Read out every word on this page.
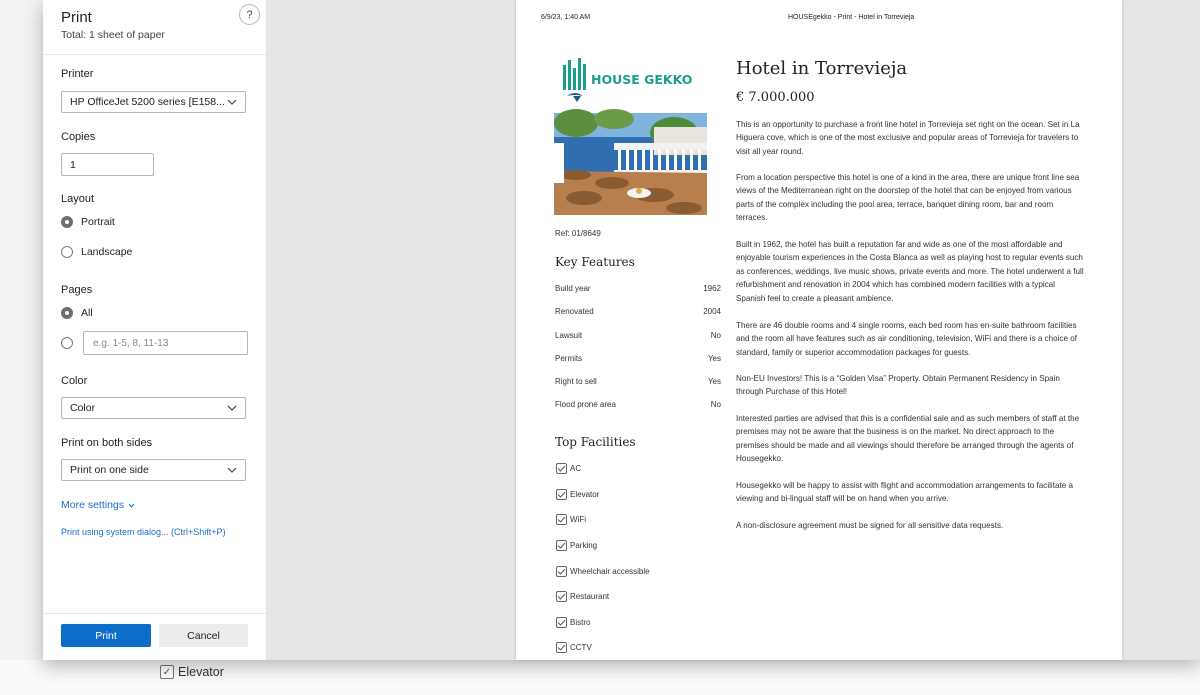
✓ Elevator
Print
Total: 1 sheet of paper
?
Printer
HP OfficeJet 5200 series [E158...
Copies
1
Layout
Portrait
Landscape
Pages
All
e.g. 1-5, 8, 11-13
Color
Color
Print on both sides
Print on one side
More settings
Print using system dialog... (Ctrl+Shift+P)
Print	Cancel
6/9/23, 1:40 AM	HOUSEgekko - Print - Hotel in Torrevieja
HOUSE GEKKO
Ref: 01/8649
Key Features
Build year	1962
Renovated	2004
Lawsuit	No
Permits	Yes
Right to sell	Yes
Flood prone area	No
Top Facilities
AC
Elevator
WiFi
Parking
Wheelchair accessible
Restaurant
Bistro
CCTV
Hotel in Torrevieja
€ 7.000.000

This is an opportunity to purchase a front line hotel in Torrevieja set right on the ocean. Set in La Higuera cove, which is one of the most exclusive and popular areas of Torrevieja for travelers to visit all year round.

From a location perspective this hotel is one of a kind in the area, there are unique front line sea views of the Mediterranean right on the doorstep of the hotel that can be enjoyed from various parts of the complex including the pool area, terrace, banquet dining room, bar and room terraces.

Built in 1962, the hotel has built a reputation far and wide as one of the most affordable and enjoyable tourism experiences in the Costa Blanca as well as playing host to regular events such as conferences, weddings, live music shows, private events and more. The hotel underwent a full refurbishment and renovation in 2004 which has combined modern facilities with a typical Spanish feel to create a pleasant ambience.

There are 46 double rooms and 4 single rooms, each bed room has en-suite bathroom facilities and the room all have features such as air conditioning, television, WiFi and there is a choice of standard, family or superior accommodation packages for guests.

Non-EU Investors! This is a “Golden Visa” Property. Obtain Permanent Residency in Spain through Purchase of this Hotel!

Interested parties are advised that this is a confidential sale and as such members of staff at the premises may not be aware that the business is on the market. No direct approach to the premises should be made and all viewings should therefore be arranged through the agents of Housegekko.

Housegekko will be happy to assist with flight and accommodation arrangements to facilitate a viewing and bi-lingual staff will be on hand when you arrive.

A non-disclosure agreement must be signed for all sensitive data requests.
